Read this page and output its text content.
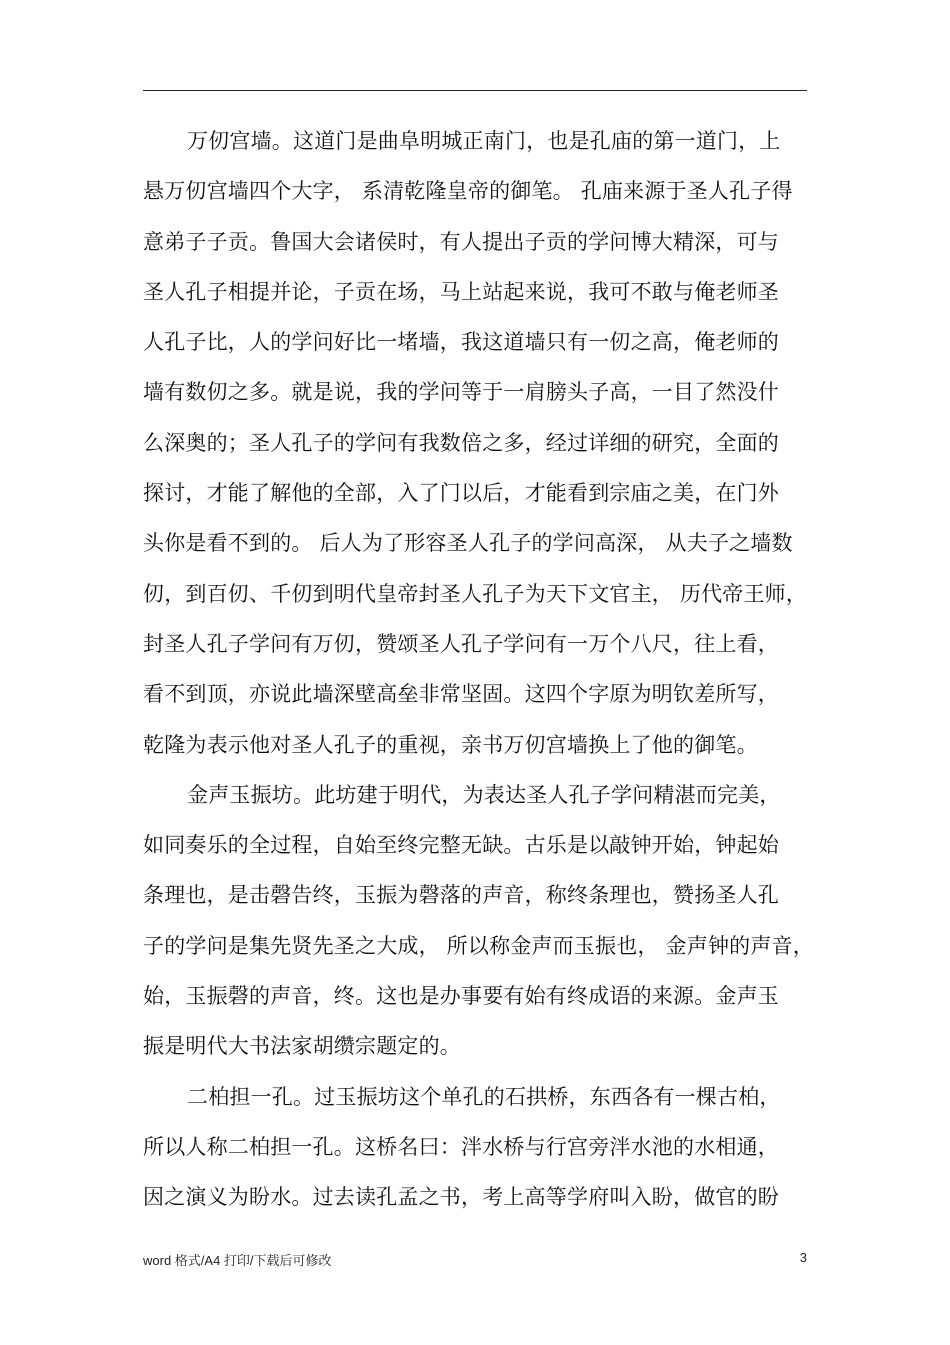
万仞宫墙。这道门是曲阜明城正南门，也是孔庙的第一道门，上
悬万仞宫墙四个大字， 系清乾隆皇帝的御笔。 孔庙来源于圣人孔子得
意弟子子贡。鲁国大会诸侯时，有人提出子贡的学问博大精深，可与
圣人孔子相提并论，子贡在场，马上站起来说，我可不敢与俺老师圣
人孔子比，人的学问好比一堵墙，我这道墙只有一仞之高，俺老师的
墙有数仞之多。就是说，我的学问等于一肩膀头子高，一目了然没什
么深奥的；圣人孔子的学问有我数倍之多，经过详细的研究，全面的
探讨，才能了解他的全部，入了门以后，才能看到宗庙之美，在门外
头你是看不到的。 后人为了形容圣人孔子的学问高深， 从夫子之墙数
仞，到百仞、千仞到明代皇帝封圣人孔子为天下文官主， 历代帝王师，
封圣人孔子学问有万仞，赞颂圣人孔子学问有一万个八尺，往上看，
看不到顶，亦说此墙深壁高垒非常坚固。这四个字原为明钦差所写，
乾隆为表示他对圣人孔子的重视，亲书万仞宫墙换上了他的御笔。
金声玉振坊。此坊建于明代，为表达圣人孔子学问精湛而完美，
如同奏乐的全过程，自始至终完整无缺。古乐是以敲钟开始，钟起始
条理也，是击磬告终，玉振为磬落的声音，称终条理也，赞扬圣人孔
子的学问是集先贤先圣之大成， 所以称金声而玉振也， 金声钟的声音，
始，玉振磬的声音，终。这也是办事要有始有终成语的来源。金声玉
振是明代大书法家胡缵宗题定的。
二柏担一孔。过玉振坊这个单孔的石拱桥，东西各有一棵古柏，
所以人称二柏担一孔。这桥名曰：泮水桥与行宫旁泮水池的水相通，
因之演义为盼水。过去读孔孟之书，考上高等学府叫入盼，做官的盼
word 格式/A4 打印/下载后可修改	3
